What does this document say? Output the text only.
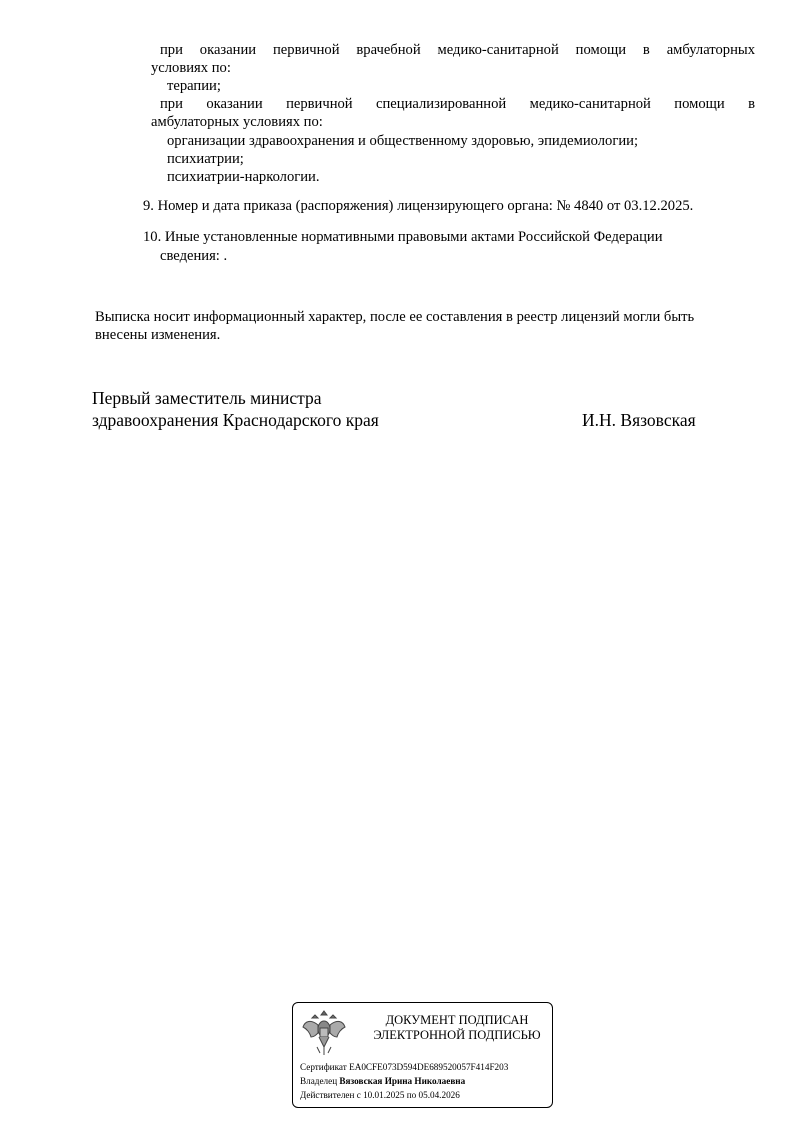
при оказании первичной врачебной медико-санитарной помощи в амбулаторных
условиях по:
терапии;
при оказании первичной специализированной медико-санитарной помощи в
амбулаторных условиях по:
организации здравоохранения и общественному здоровью, эпидемиологии;
психиатрии;
психиатрии-наркологии.
9. Номер и дата приказа (распоряжения) лицензирующего органа: № 4840 от 03.12.2025.
10. Иные установленные нормативными правовыми актами Российской Федерации
сведения: .
Выписка носит информационный характер, после ее составления в реестр лицензий могли быть
внесены изменения.
Первый заместитель министра
здравоохранения Краснодарского края	И.Н. Вязовская
ДОКУМЕНТ ПОДПИСАН
ЭЛЕКТРОННОЙ ПОДПИСЬЮ
Сертификат EA0CFE073D594DE689520057F414F203
Владелец Вязовская Ирина Николаевна
Действителен с 10.01.2025 по 05.04.2026
